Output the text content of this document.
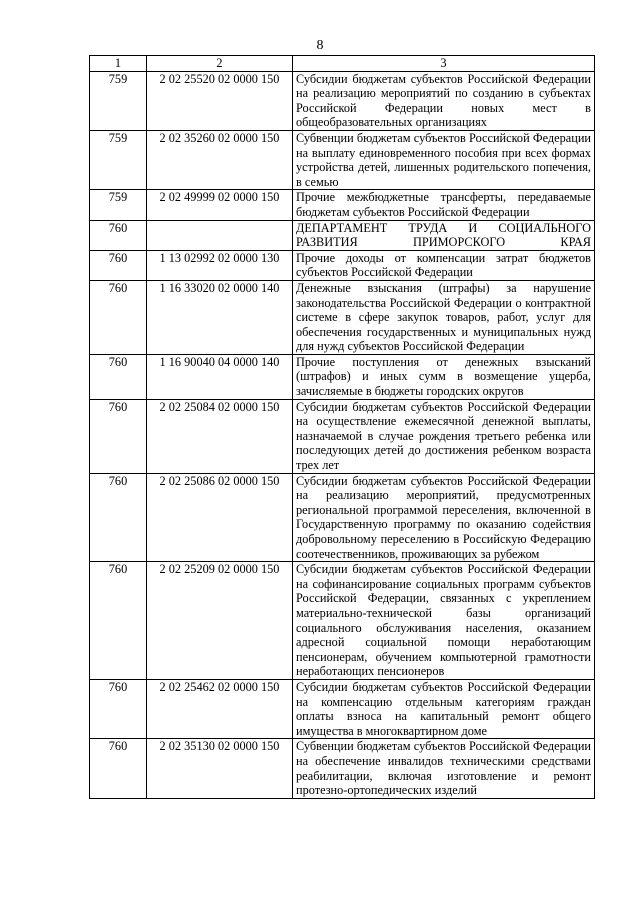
8
1	2	3
759	2 02 25520 02 0000 150	Субсидии бюджетам субъектов Российской Федерации на реализацию мероприятий по созданию в субъектах Российской Федерации новых мест в общеобразовательных организациях
759	2 02 35260 02 0000 150	Субвенции бюджетам субъектов Российской Федерации на выплату единовременного пособия при всех формах устройства детей, лишенных родительского попечения, в семью
759	2 02 49999 02 0000 150	Прочие межбюджетные трансферты, передаваемые бюджетам субъектов Российской Федерации
760		ДЕПАРТАМЕНТ ТРУДА И СОЦИАЛЬНОГО РАЗВИТИЯ ПРИМОРСКОГО КРАЯ
760	1 13 02992 02 0000 130	Прочие доходы от компенсации затрат бюджетов субъектов Российской Федерации
760	1 16 33020 02 0000 140	Денежные взыскания (штрафы) за нарушение законодательства Российской Федерации о контрактной системе в сфере закупок товаров, работ, услуг для обеспечения государственных и муниципальных нужд для нужд субъектов Российской Федерации
760	1 16 90040 04 0000 140	Прочие поступления от денежных взысканий (штрафов) и иных сумм в возмещение ущерба, зачисляемые в бюджеты городских округов
760	2 02 25084 02 0000 150	Субсидии бюджетам субъектов Российской Федерации на осуществление ежемесячной денежной выплаты, назначаемой в случае рождения третьего ребенка или последующих детей до достижения ребенком возраста трех лет
760	2 02 25086 02 0000 150	Субсидии бюджетам субъектов Российской Федерации на реализацию мероприятий, предусмотренных региональной программой переселения, включенной в Государственную программу по оказанию содействия добровольному переселению в Российскую Федерацию соотечественников, проживающих за рубежом
760	2 02 25209 02 0000 150	Субсидии бюджетам субъектов Российской Федерации на софинансирование социальных программ субъектов Российской Федерации, связанных с укреплением материально-технической базы организаций социального обслуживания населения, оказанием адресной социальной помощи неработающим пенсионерам, обучением компьютерной грамотности неработающих пенсионеров
760	2 02 25462 02 0000 150	Субсидии бюджетам субъектов Российской Федерации на компенсацию отдельным категориям граждан оплаты взноса на капитальный ремонт общего имущества в многоквартирном доме
760	2 02 35130 02 0000 150	Субвенции бюджетам субъектов Российской Федерации на обеспечение инвалидов техническими средствами реабилитации, включая изготовление и ремонт протезно-ортопедических изделий
